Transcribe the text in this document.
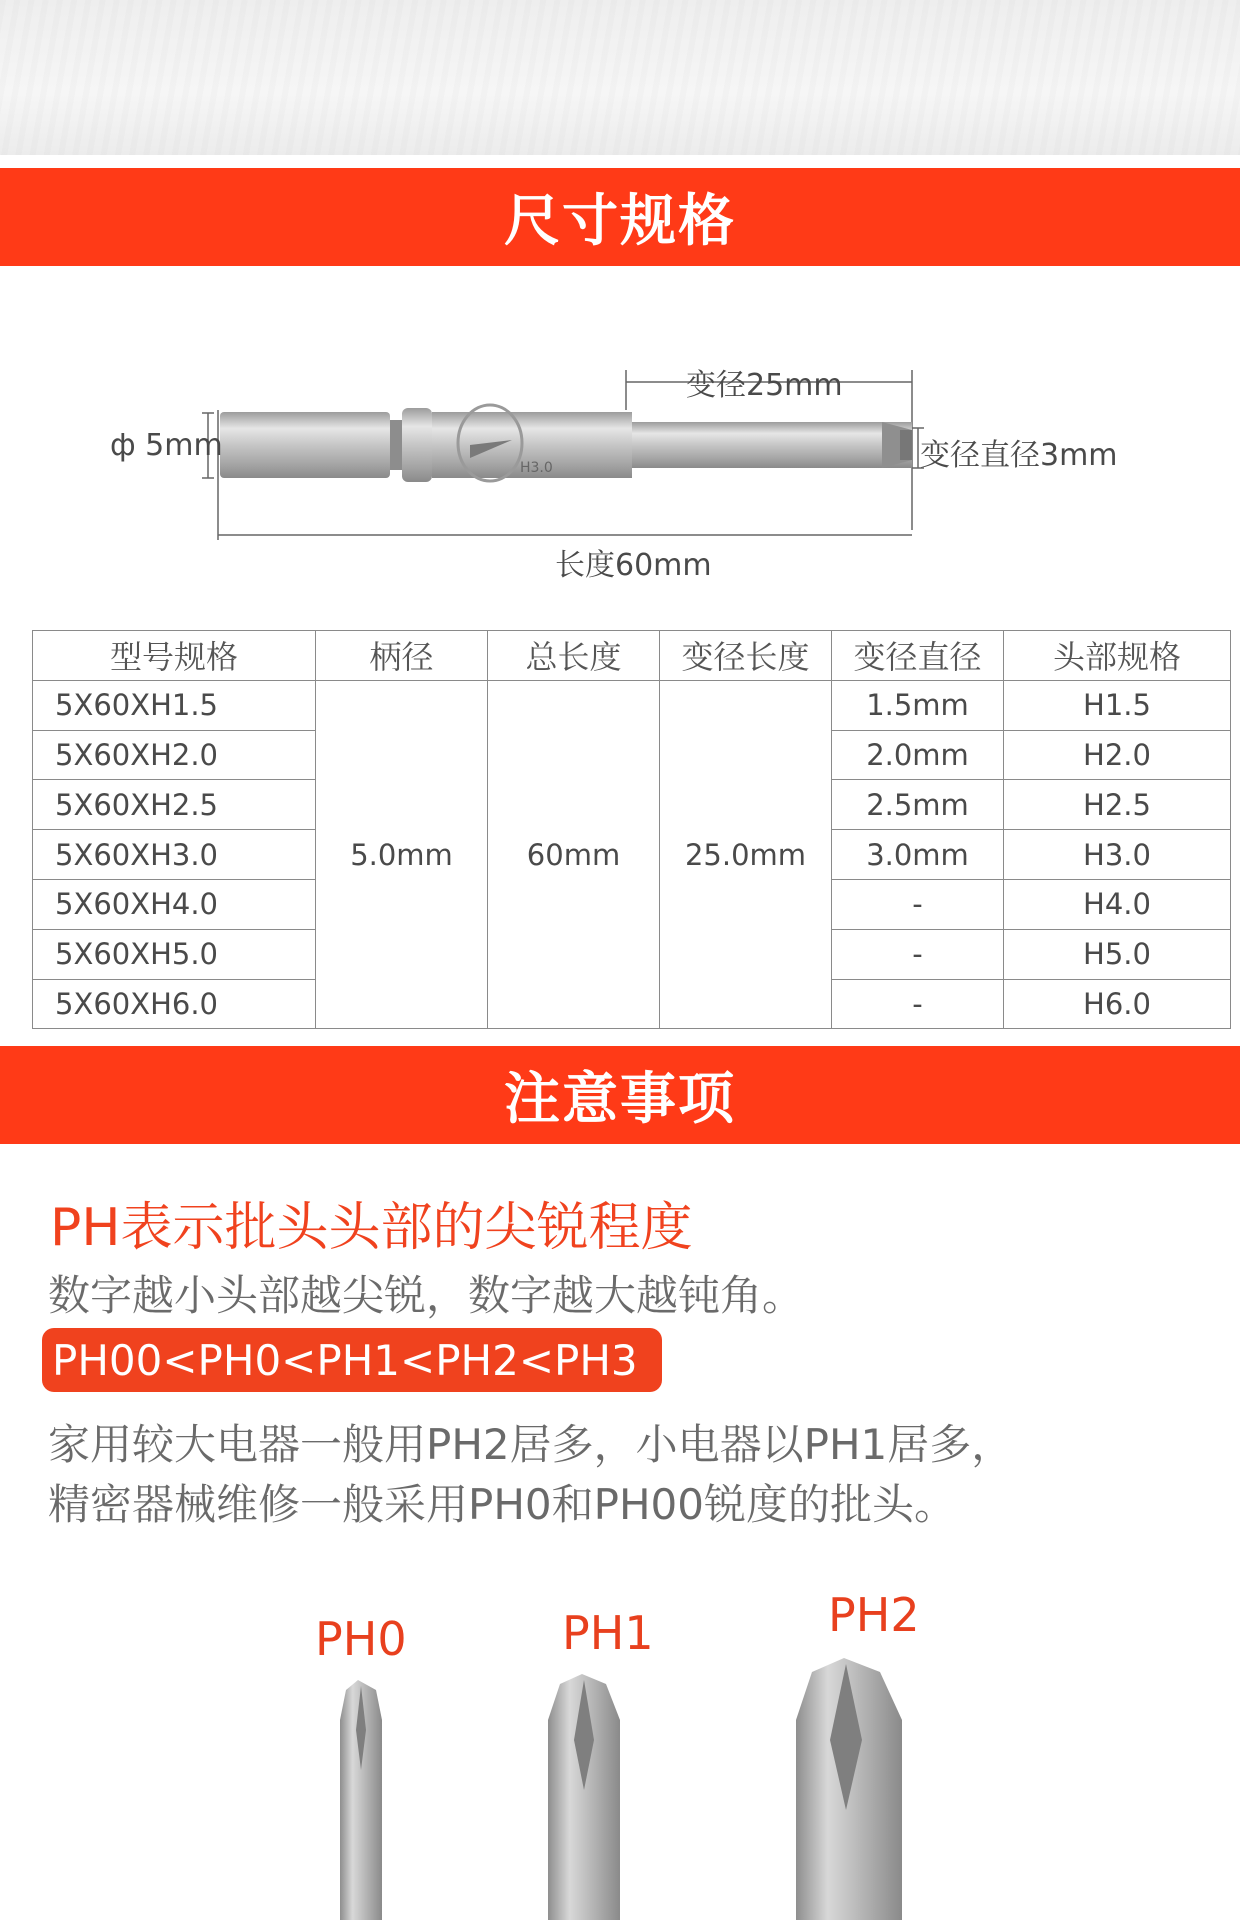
尺寸规格
H3.0
变径25mm
ф 5mm	变径直径3mm
长度60mm
型号规格	柄径	总长度	变径长度	变径直径	头部规格
5X60XH1.5	5.0mm	60mm	25.0mm	1.5mm	H1.5
5X60XH2.0				2.0mm	H2.0
5X60XH2.5				2.5mm	H2.5
5X60XH3.0				3.0mm	H3.0
5X60XH4.0				-	H4.0
5X60XH5.0				-	H5.0
5X60XH6.0				-	H6.0
注意事项
PH表示批头头部的尖锐程度
数字越小头部越尖锐，数字越大越钝角。
PH00<PH0<PH1<PH2<PH3
家用较大电器一般用PH2居多，小电器以PH1居多，
精密器械维修一般采用PH0和PH00锐度的批头。
PH0	PH1	PH2
